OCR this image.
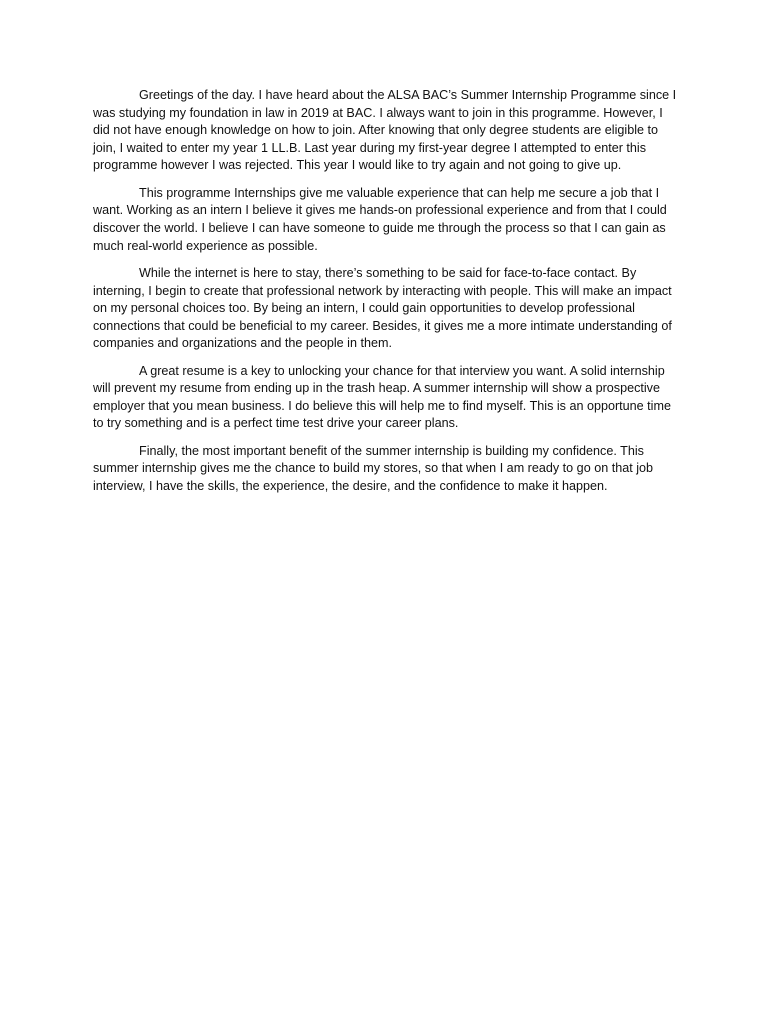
Greetings of the day. I have heard about the ALSA BAC’s Summer Internship Programme since I was studying my foundation in law in 2019 at BAC. I always want to join in this programme. However, I did not have enough knowledge on how to join. After knowing that only degree students are eligible to join, I waited to enter my year 1 LL.B. Last year during my first-year degree I attempted to enter this programme however I was rejected. This year I would like to try again and not going to give up.

This programme Internships give me valuable experience that can help me secure a job that I want. Working as an intern I believe it gives me hands-on professional experience and from that I could discover the world. I believe I can have someone to guide me through the process so that I can gain as much real-world experience as possible.

While the internet is here to stay, there’s something to be said for face-to-face contact. By interning, I begin to create that professional network by interacting with people. This will make an impact on my personal choices too. By being an intern, I could gain opportunities to develop professional connections that could be beneficial to my career. Besides, it gives me a more intimate understanding of companies and organizations and the people in them.

A great resume is a key to unlocking your chance for that interview you want. A solid internship will prevent my resume from ending up in the trash heap. A summer internship will show a prospective employer that you mean business. I do believe this will help me to find myself. This is an opportune time to try something and is a perfect time test drive your career plans.

Finally, the most important benefit of the summer internship is building my confidence. This summer internship gives me the chance to build my stores, so that when I am ready to go on that job interview, I have the skills, the experience, the desire, and the confidence to make it happen.
